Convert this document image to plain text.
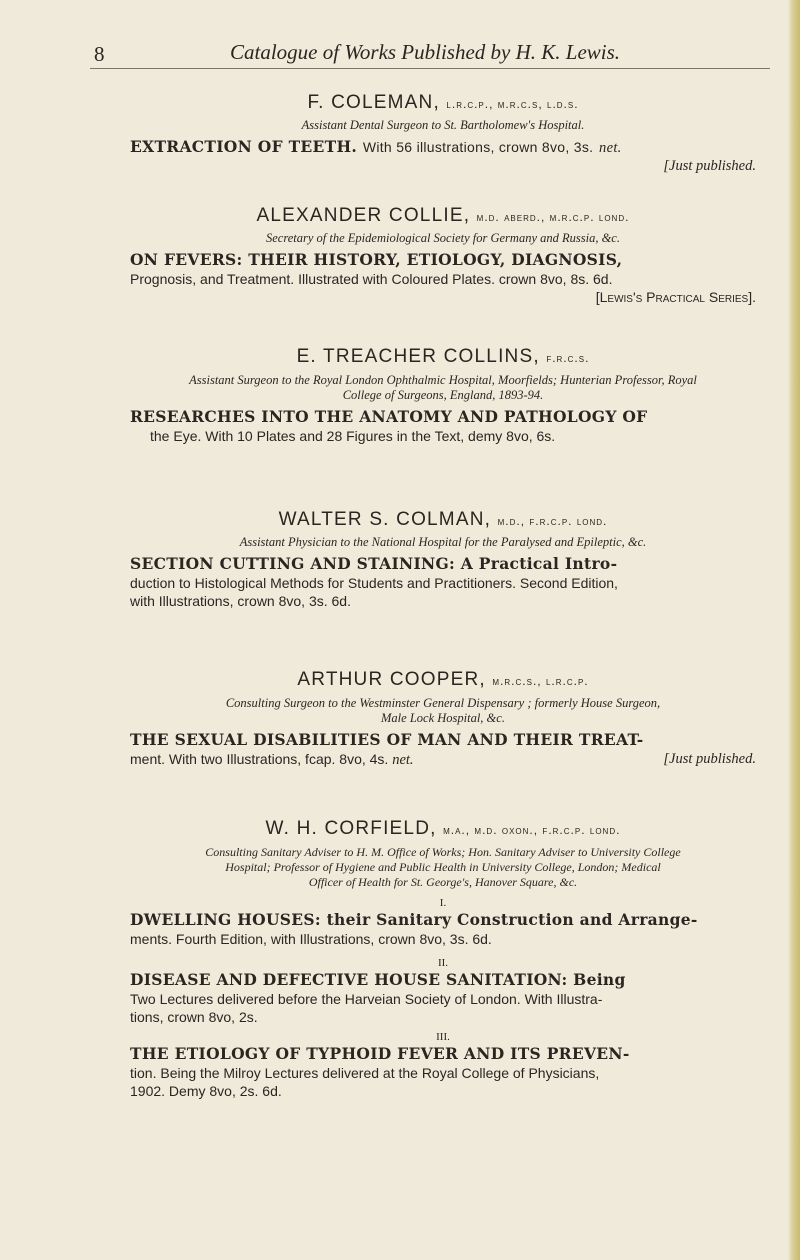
8	Catalogue of Works Published by H. K. Lewis.
F. COLEMAN, l.r.c.p., m.r.c.s, l.d.s.
Assistant Dental Surgeon to St. Bartholomew's Hospital.
EXTRACTION OF TEETH. With 56 illustrations, crown 8vo, 3s. net.
[Just published.
ALEXANDER COLLIE, m.d. aberd., m.r.c.p. lond.
Secretary of the Epidemiological Society for Germany and Russia, &c.
ON FEVERS: THEIR HISTORY, ETIOLOGY, DIAGNOSIS,
Prognosis, and Treatment. Illustrated with Coloured Plates. crown 8vo, 8s. 6d.
[Lewis's Practical Series].
E. TREACHER COLLINS, f.r.c.s.
Assistant Surgeon to the Royal London Ophthalmic Hospital, Moorfields; Hunterian Professor, Royal
College of Surgeons, England, 1893-94.
RESEARCHES INTO THE ANATOMY AND PATHOLOGY OF
the Eye. With 10 Plates and 28 Figures in the Text, demy 8vo, 6s.
WALTER S. COLMAN, m.d., f.r.c.p. lond.
Assistant Physician to the National Hospital for the Paralysed and Epileptic, &c.
SECTION CUTTING AND STAINING: A Practical Intro-
duction to Histological Methods for Students and Practitioners. Second Edition,
with Illustrations, crown 8vo, 3s. 6d.
ARTHUR COOPER, m.r.c.s., l.r.c.p.
Consulting Surgeon to the Westminster General Dispensary ; formerly House Surgeon,
Male Lock Hospital, &c.
THE SEXUAL DISABILITIES OF MAN AND THEIR TREAT-
ment. With two Illustrations, fcap. 8vo, 4s. net.	[Just published.
W. H. CORFIELD, m.a., m.d. oxon., f.r.c.p. lond.
Consulting Sanitary Adviser to H. M. Office of Works; Hon. Sanitary Adviser to University College
Hospital; Professor of Hygiene and Public Health in University College, London; Medical
Officer of Health for St. George's, Hanover Square, &c.
I.
DWELLING HOUSES: their Sanitary Construction and Arrange-
ments. Fourth Edition, with Illustrations, crown 8vo, 3s. 6d.
II.
DISEASE AND DEFECTIVE HOUSE SANITATION: Being
Two Lectures delivered before the Harveian Society of London. With Illustra-
tions, crown 8vo, 2s.
III.
THE ETIOLOGY OF TYPHOID FEVER AND ITS PREVEN-
tion. Being the Milroy Lectures delivered at the Royal College of Physicians,
1902. Demy 8vo, 2s. 6d.
